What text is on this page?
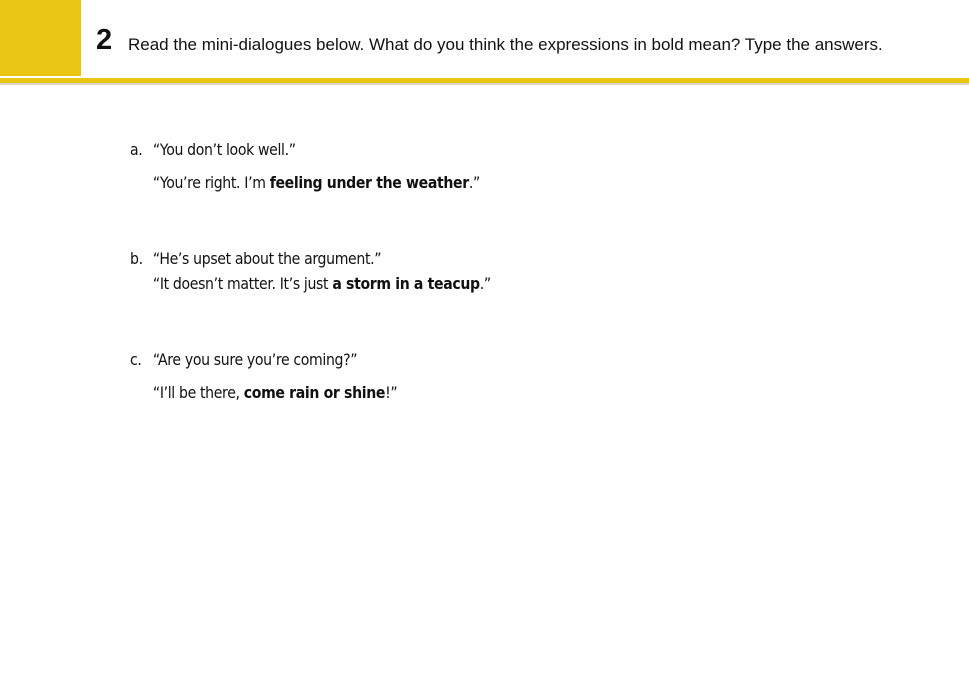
2 Read the mini-dialogues below. What do you think the expressions in bold mean? Type the answers.
a. “You don’t look well.”
“You’re right. I’m feeling under the weather.”
b. “He’s upset about the argument.”
“It doesn’t matter. It’s just a storm in a teacup.”
c. “Are you sure you’re coming?”
“I’ll be there, come rain or shine!”
